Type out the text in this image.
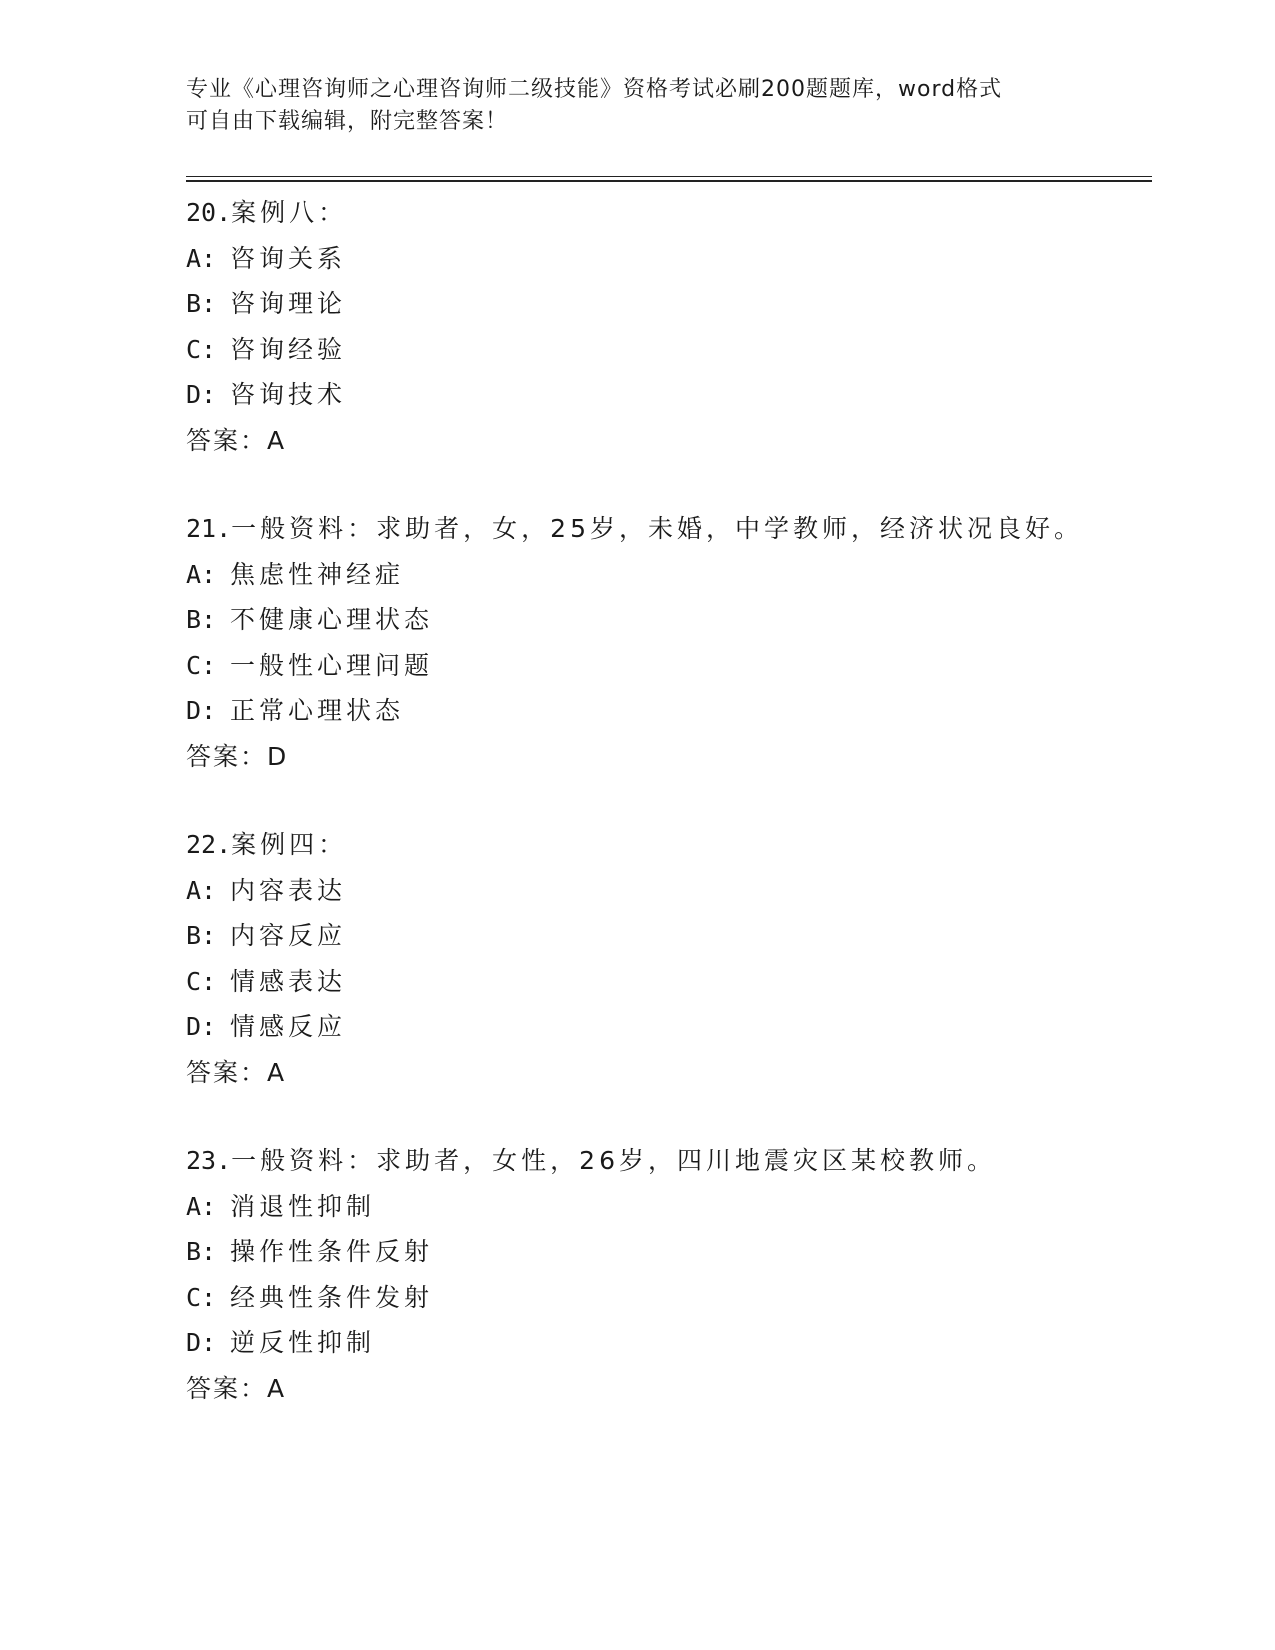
专业《心理咨询师之心理咨询师二级技能》资格考试必刷200题题库，word格式
可自由下载编辑，附完整答案！
20.案例八：
A: 咨询关系
B: 咨询理论
C: 咨询经验
D: 咨询技术
答案：A
21.一般资料：求助者，女，25岁，未婚，中学教师，经济状况良好。
A: 焦虑性神经症
B: 不健康心理状态
C: 一般性心理问题
D: 正常心理状态
答案：D
22.案例四：
A: 内容表达
B: 内容反应
C: 情感表达
D: 情感反应
答案：A
23.一般资料：求助者，女性，26岁，四川地震灾区某校教师。
A: 消退性抑制
B: 操作性条件反射
C: 经典性条件发射
D: 逆反性抑制
答案：A
